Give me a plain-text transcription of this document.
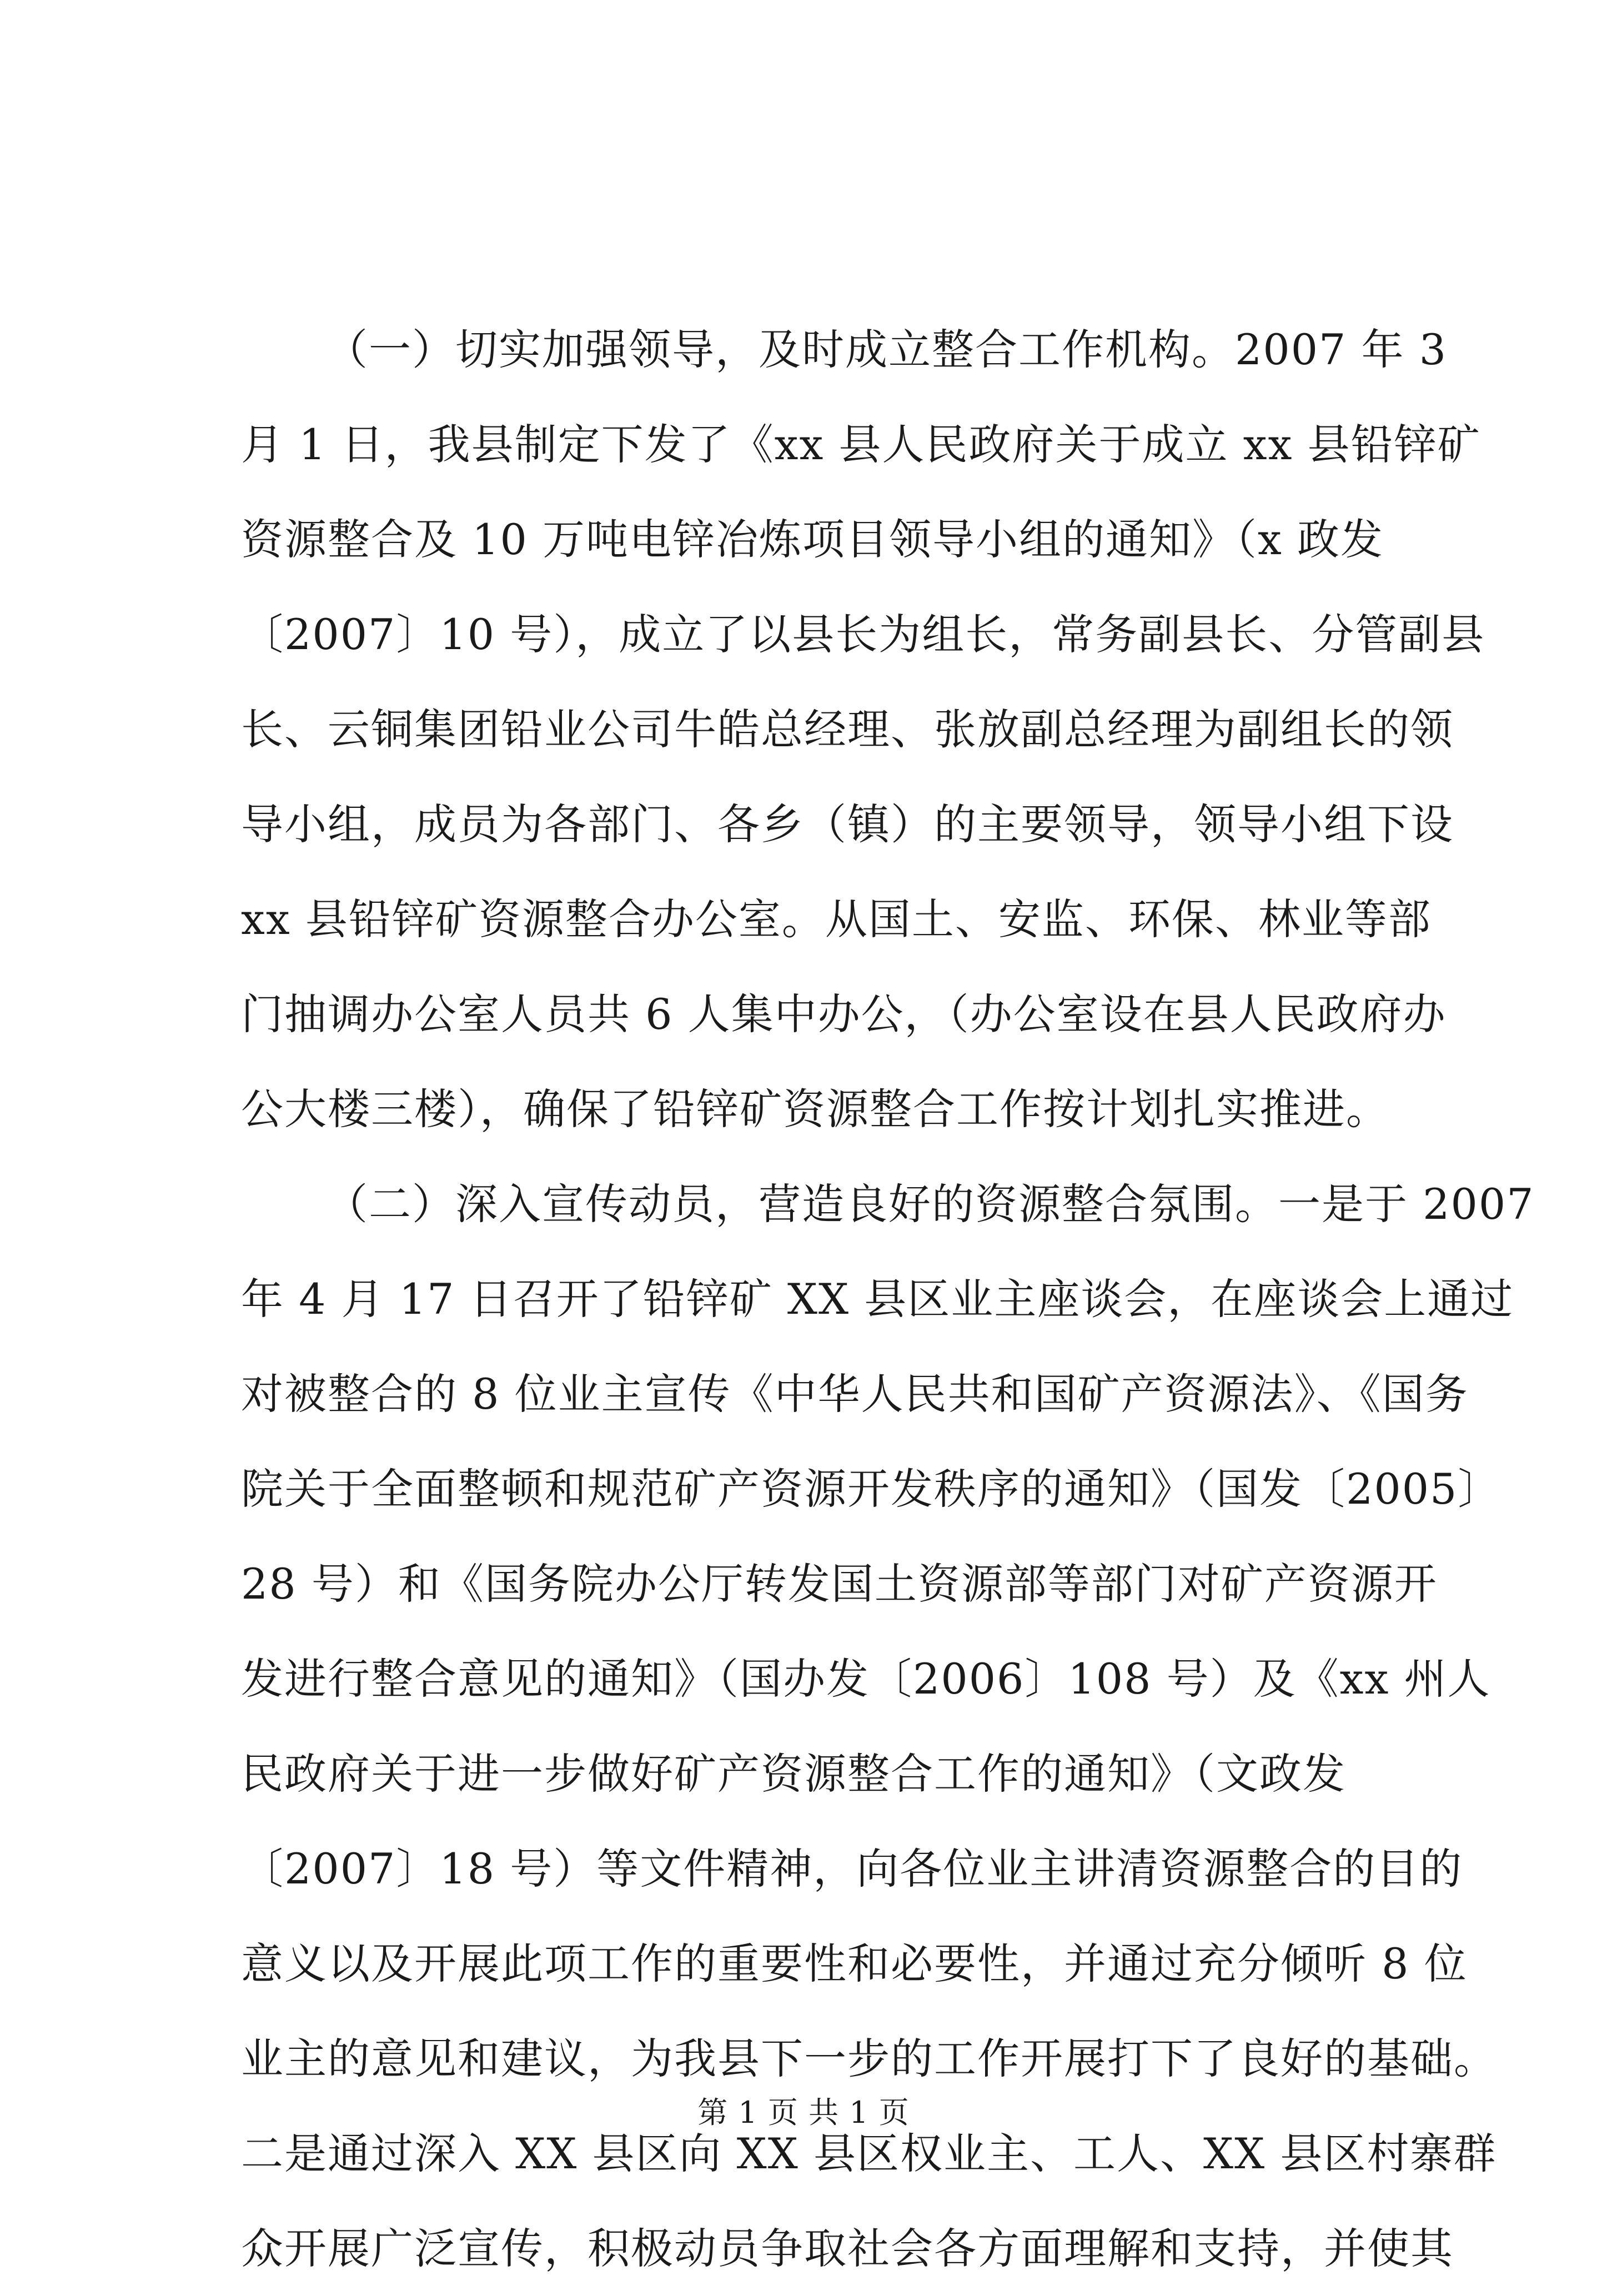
（一）切实加强领导，及时成立整合工作机构。2007 年 3
月 1 日，我县制定下发了《xx 县人民政府关于成立 xx 县铅锌矿
资源整合及 10 万吨电锌冶炼项目领导小组的通知》（x 政发
〔2007〕10 号），成立了以县长为组长，常务副县长、分管副县
长、云铜集团铅业公司牛皓总经理、张放副总经理为副组长的领
导小组，成员为各部门、各乡（镇）的主要领导，领导小组下设
xx 县铅锌矿资源整合办公室。从国土、安监、环保、林业等部
门抽调办公室人员共 6 人集中办公，（办公室设在县人民政府办
公大楼三楼），确保了铅锌矿资源整合工作按计划扎实推进。
（二）深入宣传动员，营造良好的资源整合氛围。一是于 2007
年 4 月 17 日召开了铅锌矿 XX 县区业主座谈会，在座谈会上通过
对被整合的 8 位业主宣传《中华人民共和国矿产资源法》、《国务
院关于全面整顿和规范矿产资源开发秩序的通知》（国发〔2005〕
28 号）和《国务院办公厅转发国土资源部等部门对矿产资源开
发进行整合意见的通知》（国办发〔2006〕108 号）及《xx 州人
民政府关于进一步做好矿产资源整合工作的通知》（文政发
〔2007〕18 号）等文件精神，向各位业主讲清资源整合的目的
意义以及开展此项工作的重要性和必要性，并通过充分倾听 8 位
业主的意见和建议，为我县下一步的工作开展打下了良好的基础。
二是通过深入 XX 县区向 XX 县区权业主、工人、XX 县区村寨群
众开展广泛宣传，积极动员争取社会各方面理解和支持，并使其
第 1 页 共 1 页
